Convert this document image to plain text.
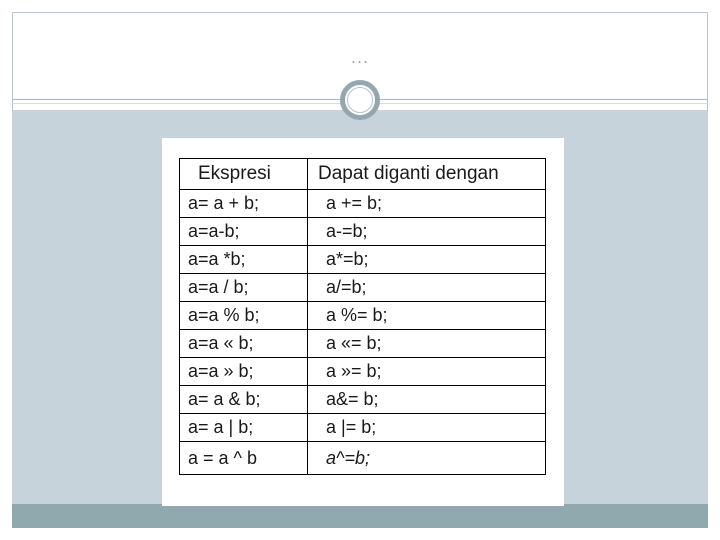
...
Ekspresi	Dapat diganti dengan
a= a + b;	a += b;
a=a-b;	a-=b;
a=a *b;	a*=b;
a=a / b;	a/=b;
a=a % b;	a %= b;
a=a « b;	a «= b;
a=a » b;	a »= b;
a= a & b;	a&= b;
a= a | b;	a |= b;
a = a ^ b	a^=b;
